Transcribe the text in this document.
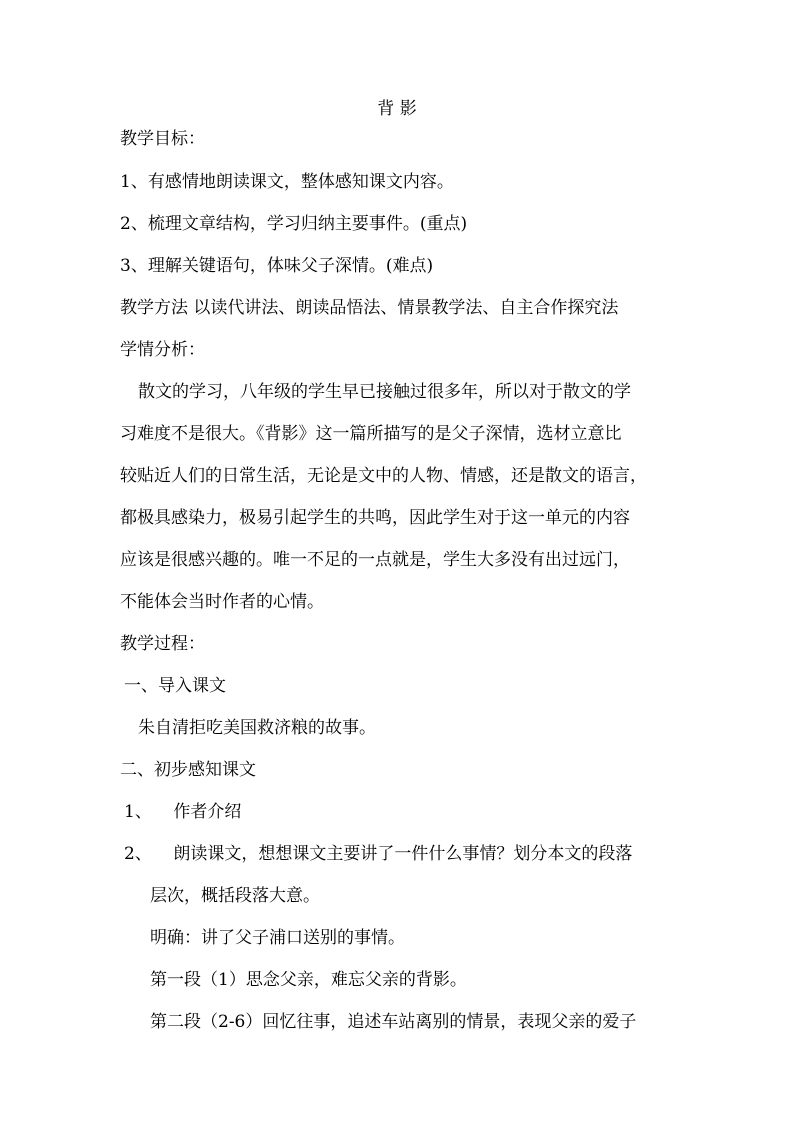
背 影
教学目标：
1、有感情地朗读课文，整体感知课文内容。
2、梳理文章结构，学习归纳主要事件。(重点)
3、理解关键语句，体味父子深情。(难点)
教学方法 以读代讲法、朗读品悟法、情景教学法、自主合作探究法
学情分析：
散文的学习，八年级的学生早已接触过很多年，所以对于散文的学
习难度不是很大。《背影》这一篇所描写的是父子深情，选材立意比
较贴近人们的日常生活，无论是文中的人物、情感，还是散文的语言，
都极具感染力，极易引起学生的共鸣，因此学生对于这一单元的内容
应该是很感兴趣的。唯一不足的一点就是，学生大多没有出过远门，
不能体会当时作者的心情。
教学过程：
一、导入课文
朱自清拒吃美国救济粮的故事。
二、初步感知课文
1、    作者介绍
2、    朗读课文，想想课文主要讲了一件什么事情？划分本文的段落
层次，概括段落大意。
明确：讲了父子浦口送别的事情。
第一段（1）思念父亲，难忘父亲的背影。
第二段（2-6）回忆往事，追述车站离别的情景，表现父亲的爱子
